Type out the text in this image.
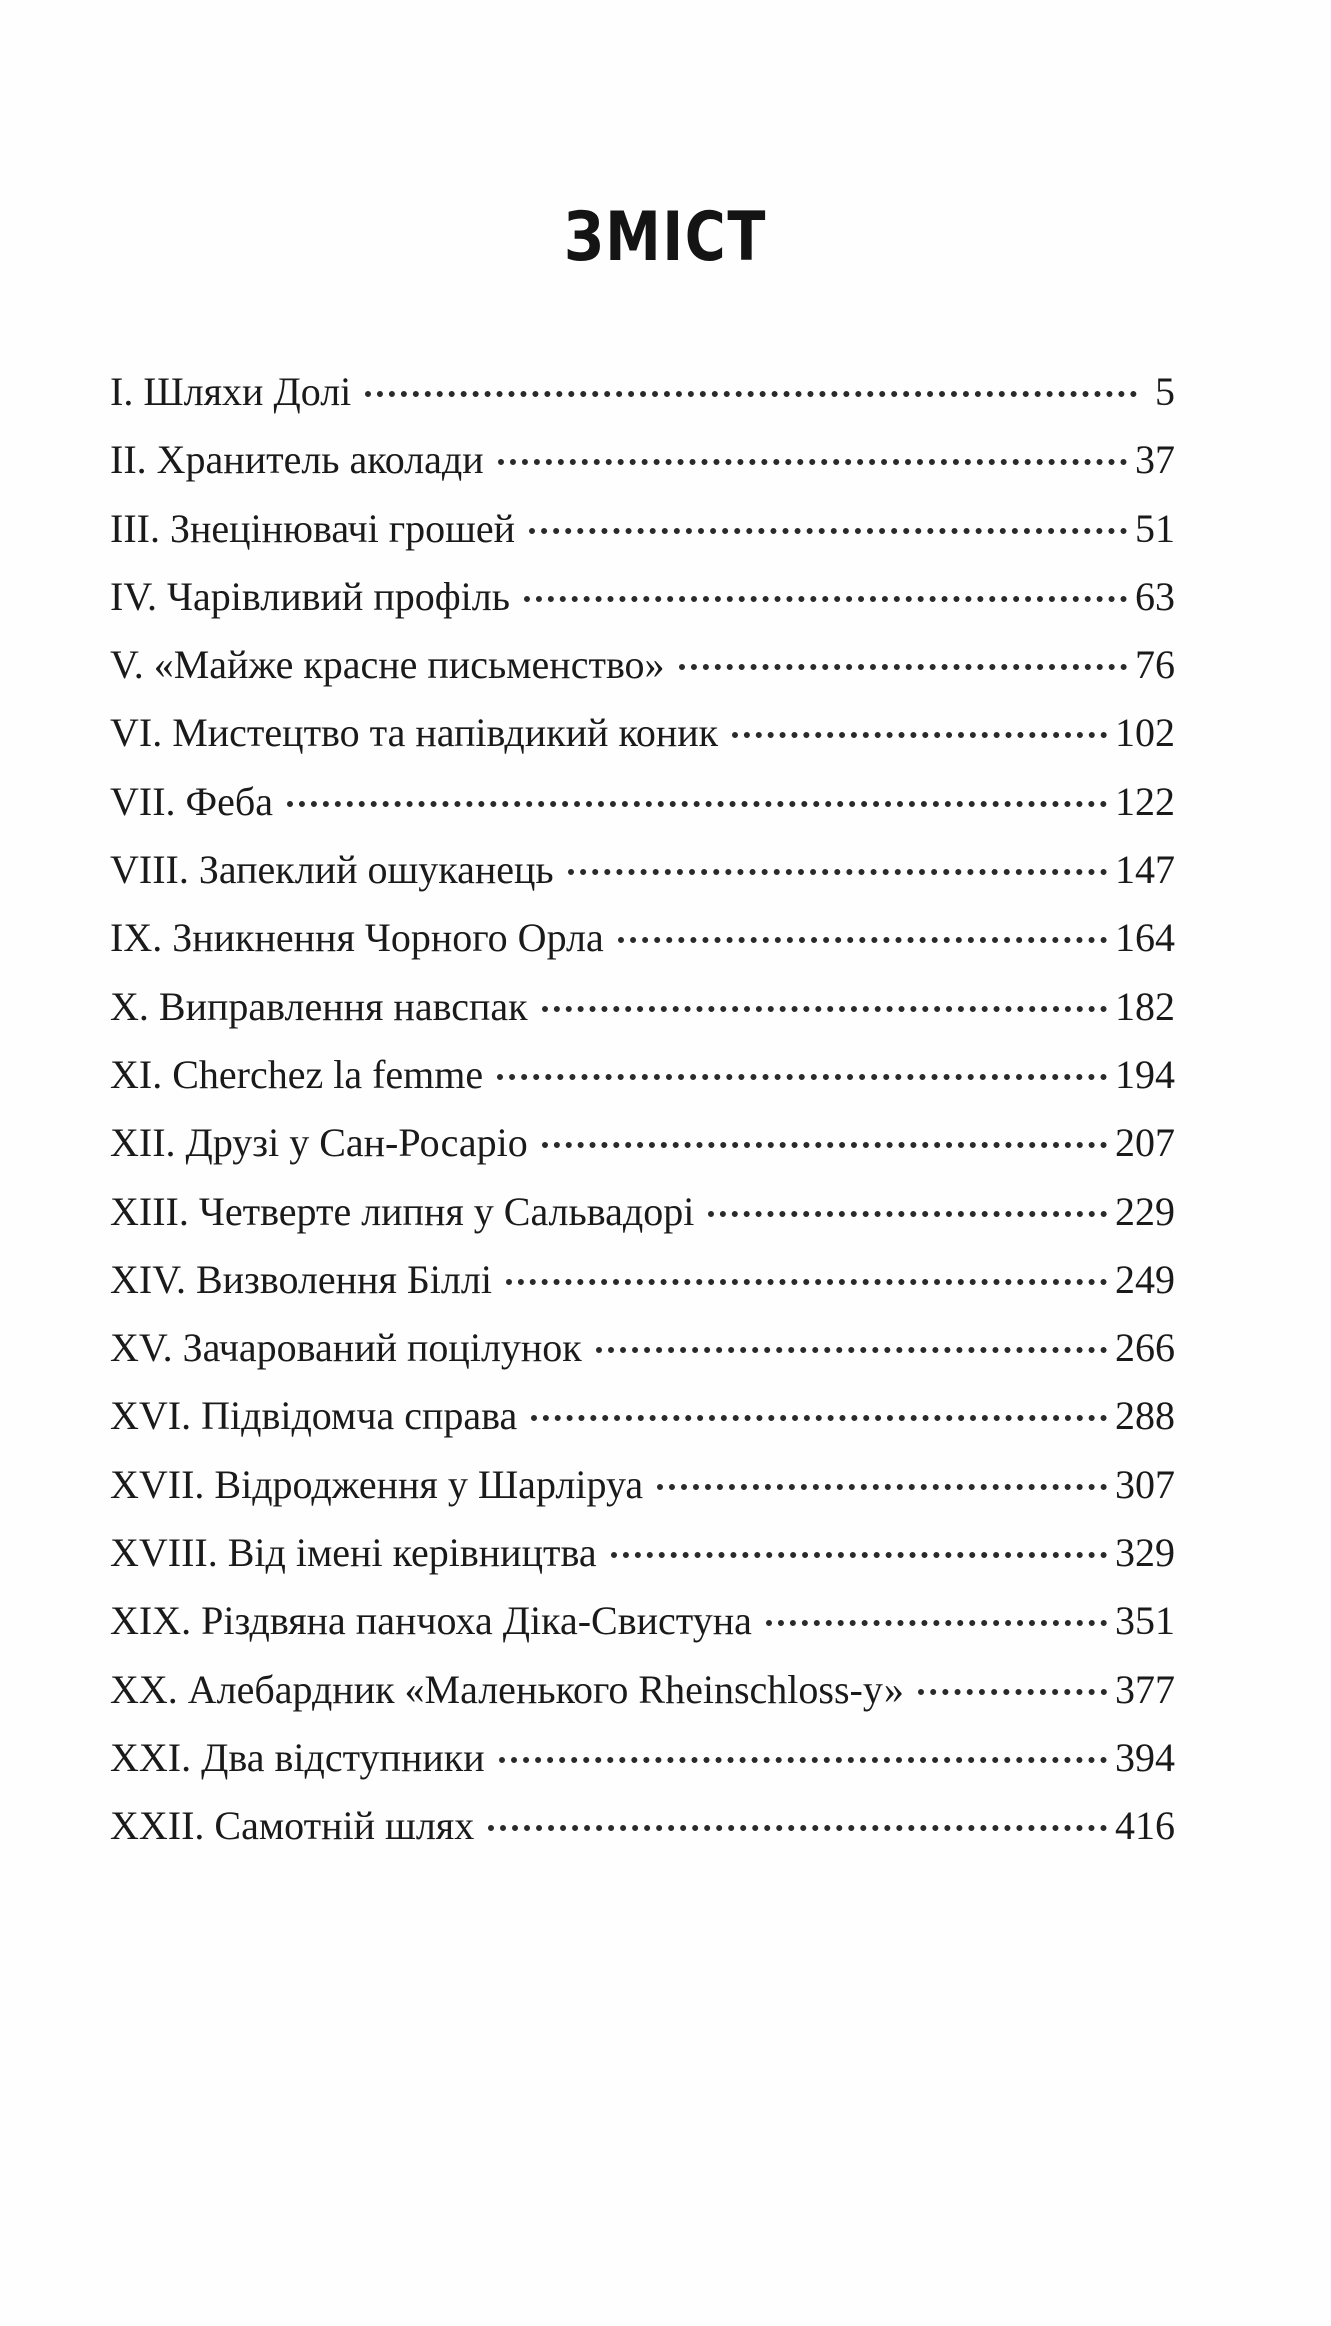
ЗМІСТ
I. Шляхи Долі	5
II. Хранитель аколади	37
III. Знецінювачі грошей	51
IV. Чарівливий профіль	63
V. «Майже красне письменство»	76
VI. Мистецтво та напівдикий коник	102
VII. Феба	122
VIII. Запеклий ошуканець	147
IX. Зникнення Чорного Орла	164
X. Виправлення навспак	182
XI. Cherchez la femme	194
XII. Друзі у Сан-Росаріо	207
XIII. Четверте липня у Сальвадорі	229
XIV. Визволення Біллі	249
XV. Зачарований поцілунок	266
XVI. Підвідомча справа	288
XVII. Відродження у Шарліруа	307
XVIII. Від імені керівництва	329
XIX. Різдвяна панчоха Діка-Свистуна	351
XX. Алебардник «Маленького Rheinschloss-у»	377
XXI. Два відступники	394
XXII. Самотній шлях	416
